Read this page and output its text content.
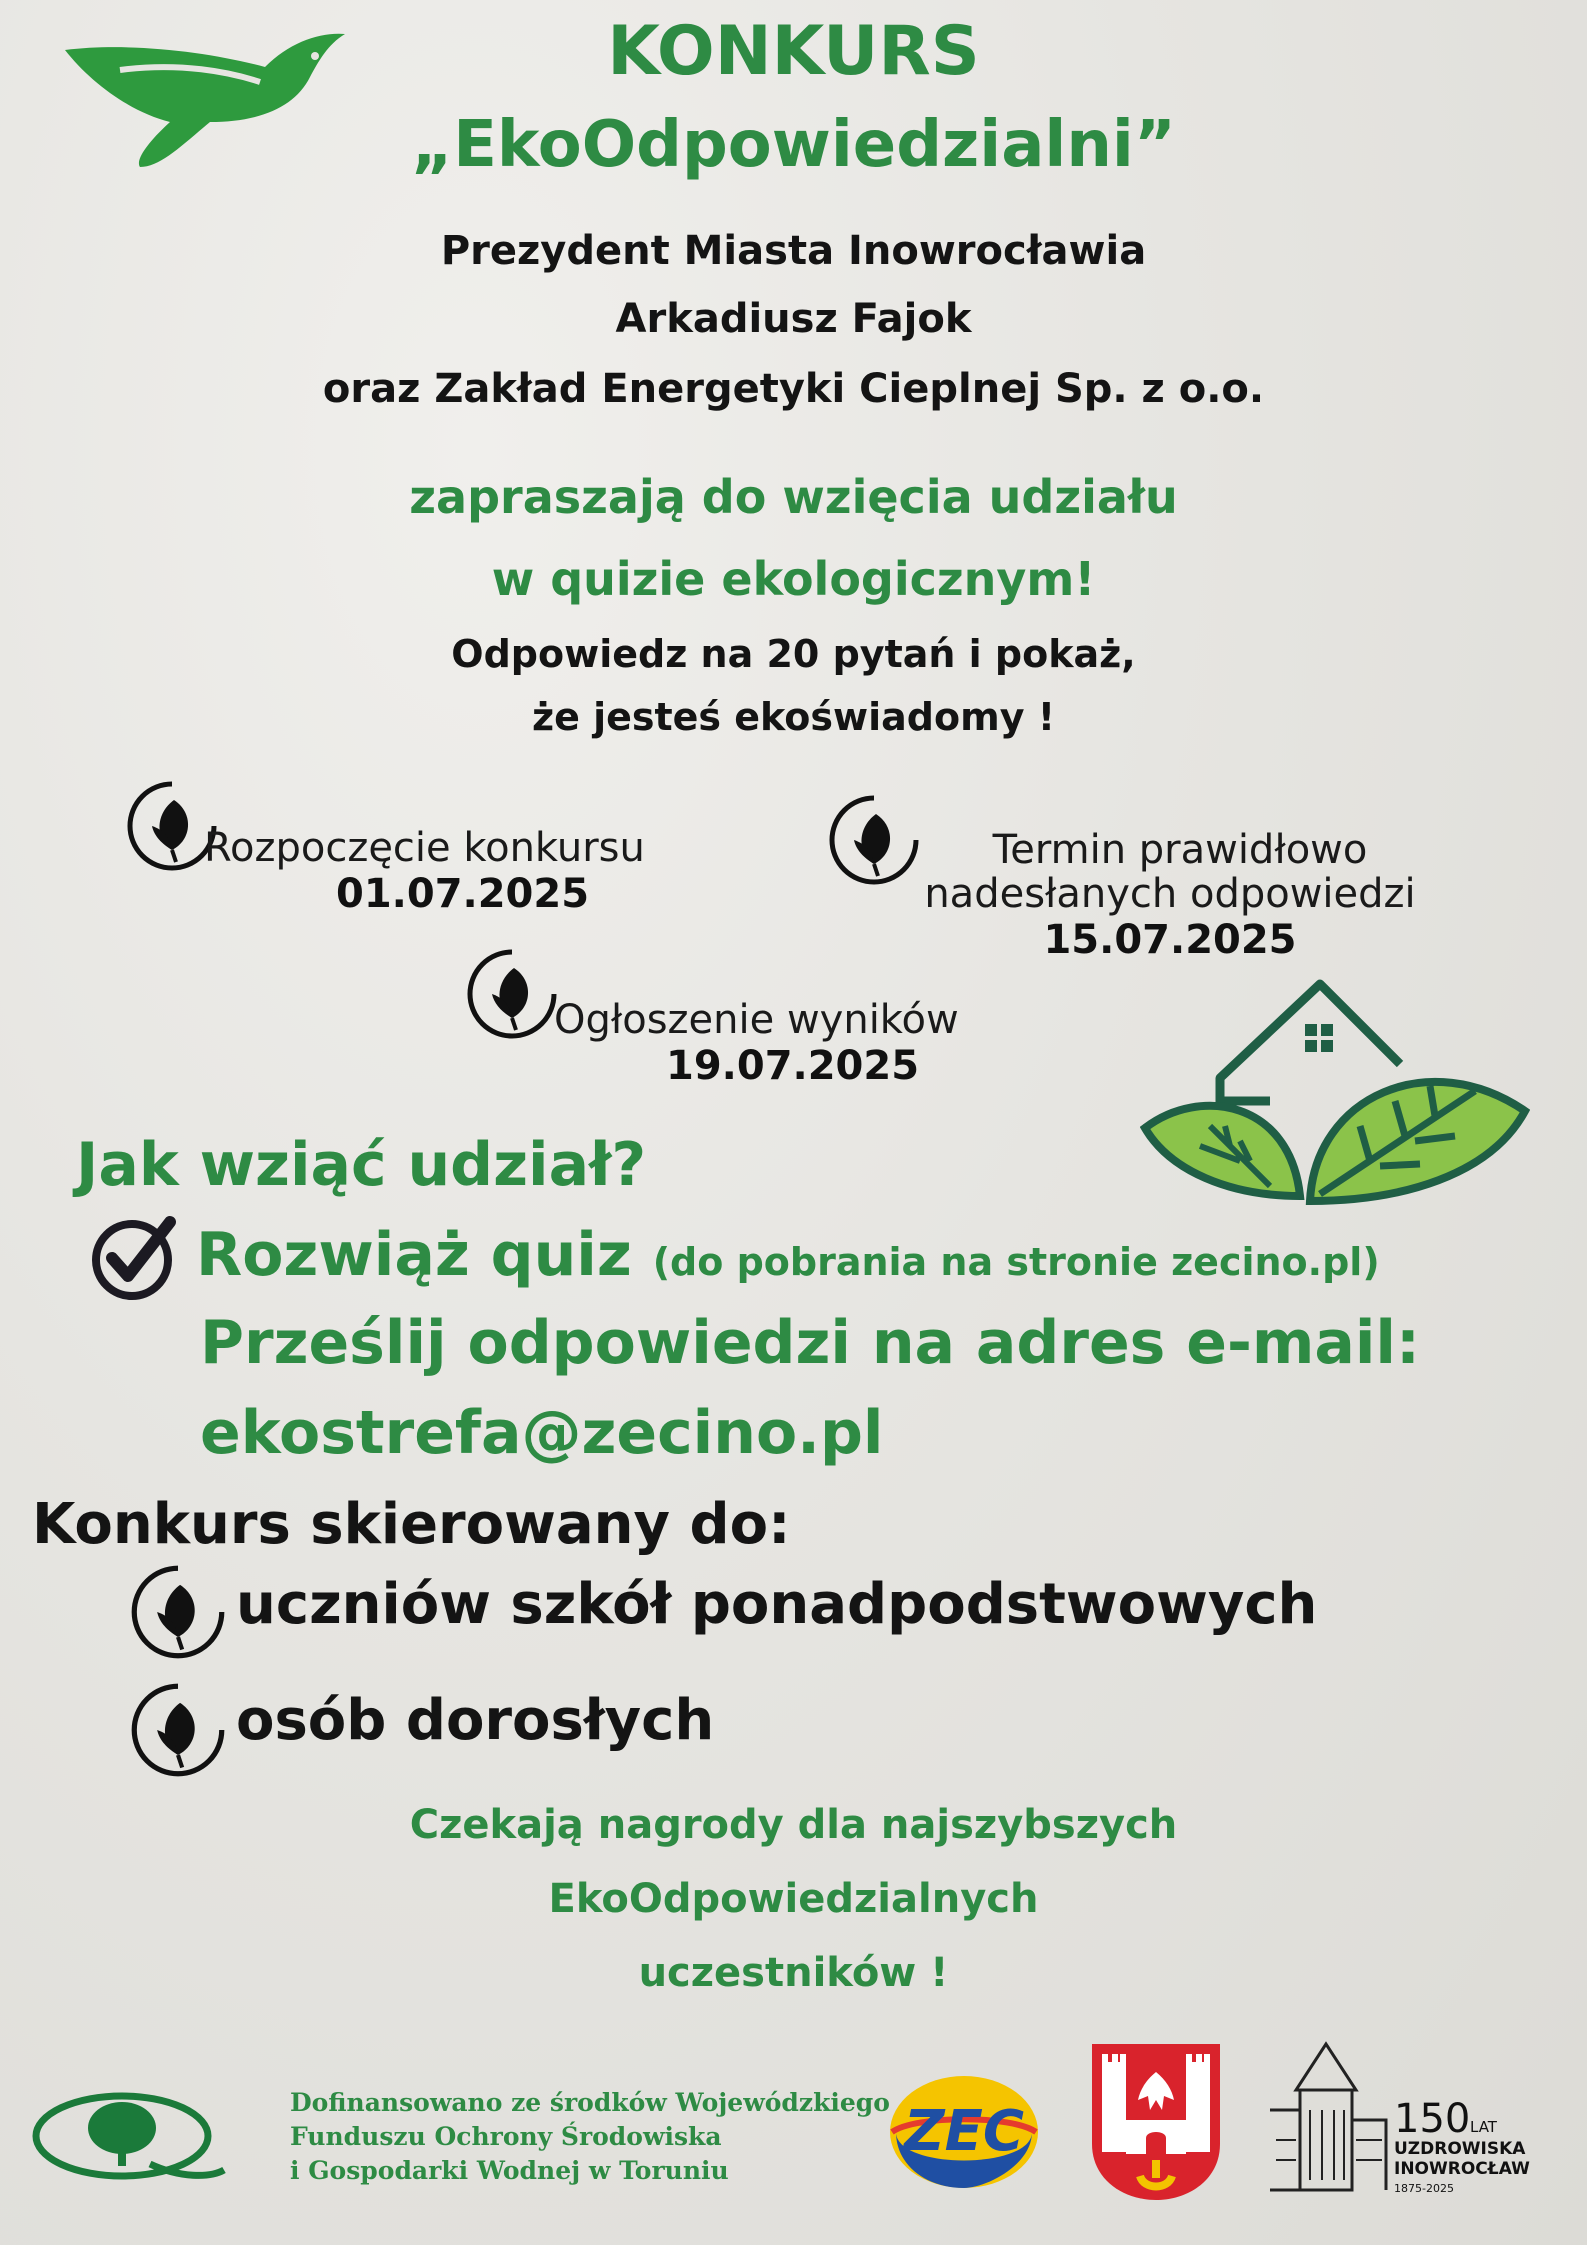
KONKURS
„EkoOdpowiedzialni”
Prezydent Miasta Inowrocławia
Arkadiusz Fajok
oraz Zakład Energetyki Cieplnej Sp. z o.o.
zapraszają do wzięcia udziału
w quizie ekologicznym!
Odpowiedz na 20 pytań i pokaż,
że jesteś ekoświadomy !
Rozpoczęcie konkursu
01.07.2025
Termin prawidłowo
nadesłanych odpowiedzi
15.07.2025
Ogłoszenie wyników
19.07.2025
Jak wziąć udział?
Rozwiąż quiz (do pobrania na stronie zecino.pl)
Prześlij odpowiedzi na adres e-mail:
ekostrefa@zecino.pl
Konkurs skierowany do:
uczniów szkół ponadpodstwowych
osób dorosłych
Czekają nagrody dla najszybszych
EkoOdpowiedzialnych
uczestników !
Dofinansowano ze środków Wojewódzkiego
Funduszu Ochrony Środowiska
i Gospodarki Wodnej w Toruniu
ZEC	150 LAT
UZDROWISKA
INOWROCŁAW
1875-2025
